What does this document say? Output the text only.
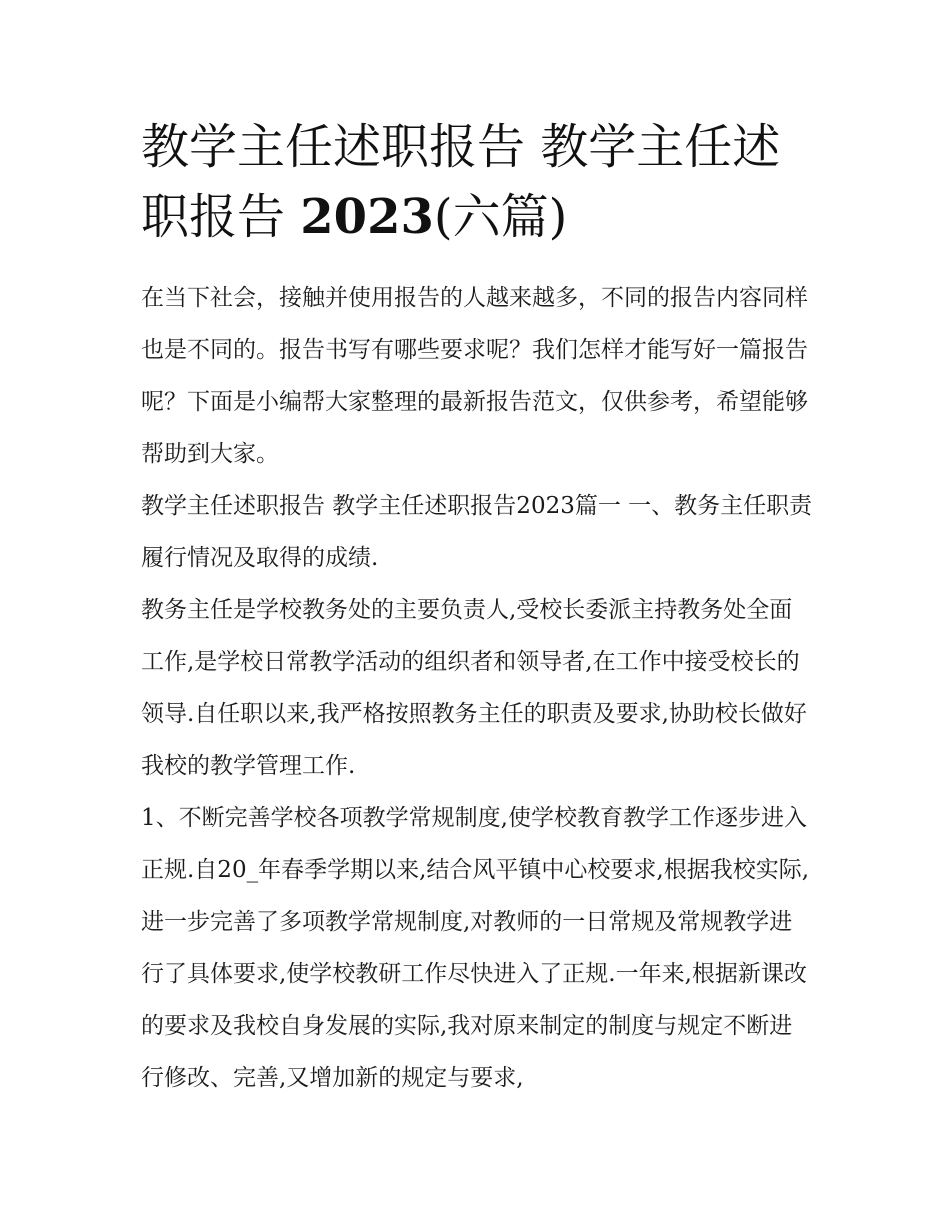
教学主任述职报告 教学主任述职报告 2023(六篇)

在当下社会，接触并使用报告的人越来越多，不同的报告内容同样也是不同的。报告书写有哪些要求呢？我们怎样才能写好一篇报告呢？下面是小编帮大家整理的最新报告范文，仅供参考，希望能够帮助到大家。

教学主任述职报告 教学主任述职报告2023篇一 一、教务主任职责履行情况及取得的成绩.

教务主任是学校教务处的主要负责人,受校长委派主持教务处全面工作,是学校日常教学活动的组织者和领导者,在工作中接受校长的领导.自任职以来,我严格按照教务主任的职责及要求,协助校长做好我校的教学管理工作.

1、不断完善学校各项教学常规制度,使学校教育教学工作逐步进入正规.自20_年春季学期以来,结合风平镇中心校要求,根据我校实际,进一步完善了多项教学常规制度,对教师的一日常规及常规教学进行了具体要求,使学校教研工作尽快进入了正规.一年来,根据新课改的要求及我校自身发展的实际,我对原来制定的制度与规定不断进行修改、完善,又增加新的规定与要求,
